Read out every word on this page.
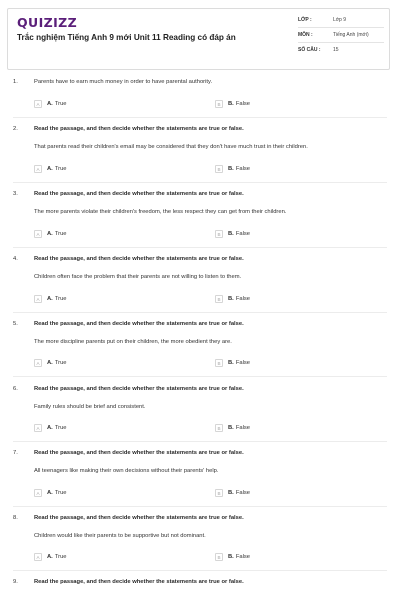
QUIZIZZ
Trắc nghiệm Tiếng Anh 9 mới Unit 11 Reading có đáp án
LỚP :	Lớp 9
MÔN :	Tiếng Anh (mới)
SỐ CÂU :	15
1.	Parents have to earn much money in order to have parental authority.
A	A. True	B	B. False
2.	Read the passage, and then decide whether the statements are true or false.
That parents read their children's email may be considered that they don't have much trust in their children.
A	A. True	B	B. False
3.	Read the passage, and then decide whether the statements are true or false.
The more parents violate their children's freedom, the less respect they can get from their children.
A	A. True	B	B. False
4.	Read the passage, and then decide whether the statements are true or false.
Children often face the problem that their parents are not willing to listen to them.
A	A. True	B	B. False
5.	Read the passage, and then decide whether the statements are true or false.
The more discipline parents put on their children, the more obedient they are.
A	A. True	B	B. False
6.	Read the passage, and then decide whether the statements are true or false.
Family rules should be brief and consistent.
A	A. True	B	B. False
7.	Read the passage, and then decide whether the statements are true or false.
All teenagers like making their own decisions without their parents' help.
A	A. True	B	B. False
8.	Read the passage, and then decide whether the statements are true or false.
Children would like their parents to be supportive but not dominant.
A	A. True	B	B. False
9.	Read the passage, and then decide whether the statements are true or false.
